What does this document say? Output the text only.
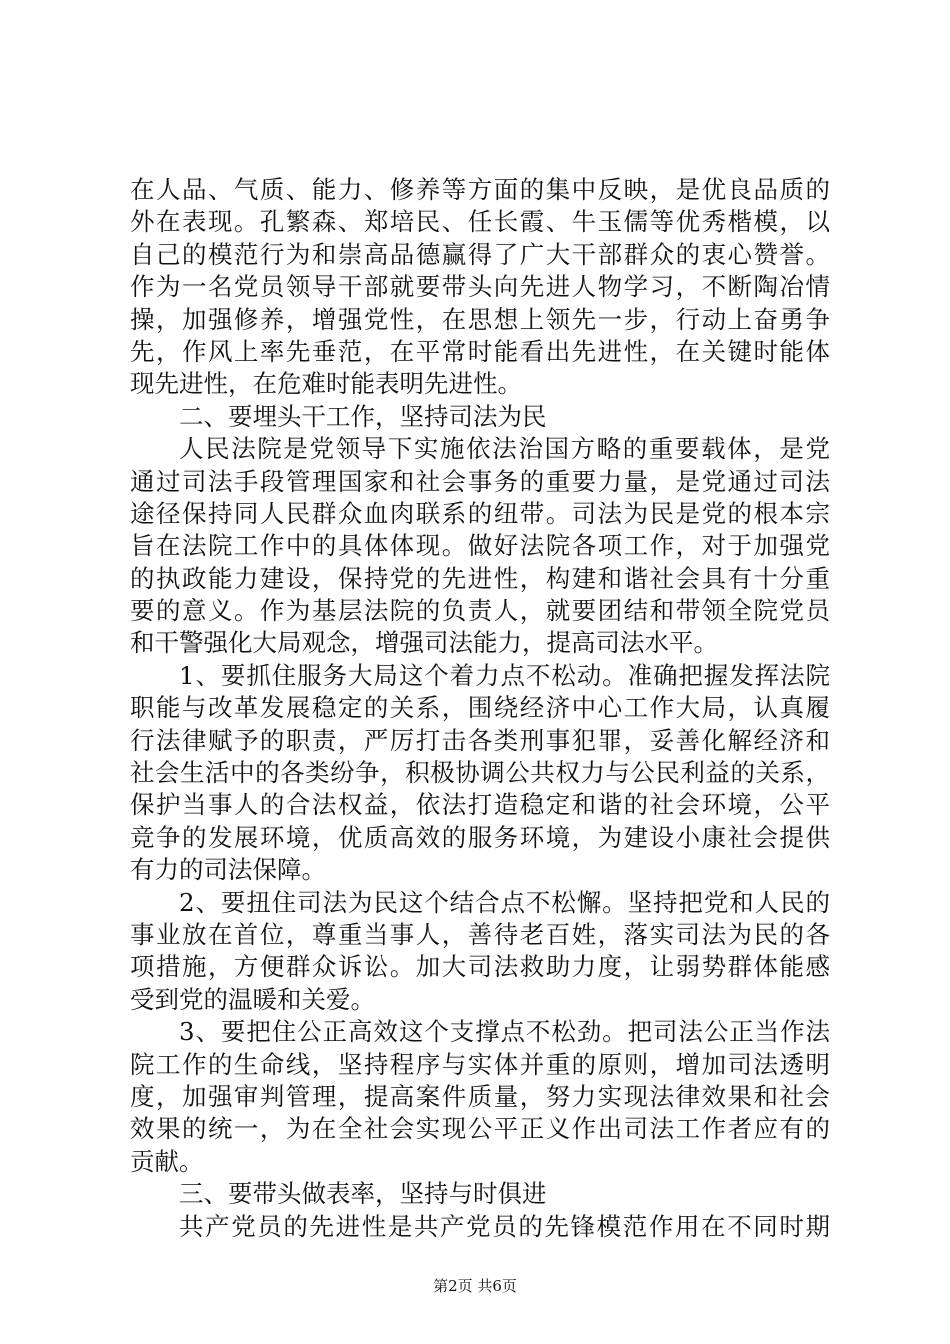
在人品、气质、能力、修养等方面的集中反映，是优良品质的
外在表现。孔繁森、郑培民、任长霞、牛玉儒等优秀楷模，以
自己的模范行为和崇高品德赢得了广大干部群众的衷心赞誉。
作为一名党员领导干部就要带头向先进人物学习，不断陶冶情
操，加强修养，增强党性，在思想上领先一步，行动上奋勇争
先，作风上率先垂范，在平常时能看出先进性，在关键时能体
现先进性，在危难时能表明先进性。
二、要埋头干工作，坚持司法为民
人民法院是党领导下实施依法治国方略的重要载体，是党
通过司法手段管理国家和社会事务的重要力量，是党通过司法
途径保持同人民群众血肉联系的纽带。司法为民是党的根本宗
旨在法院工作中的具体体现。做好法院各项工作，对于加强党
的执政能力建设，保持党的先进性，构建和谐社会具有十分重
要的意义。作为基层法院的负责人，就要团结和带领全院党员
和干警强化大局观念，增强司法能力，提高司法水平。
1、要抓住服务大局这个着力点不松动。准确把握发挥法院
职能与改革发展稳定的关系，围绕经济中心工作大局，认真履
行法律赋予的职责，严厉打击各类刑事犯罪，妥善化解经济和
社会生活中的各类纷争，积极协调公共权力与公民利益的关系，
保护当事人的合法权益，依法打造稳定和谐的社会环境，公平
竞争的发展环境，优质高效的服务环境，为建设小康社会提供
有力的司法保障。
2、要扭住司法为民这个结合点不松懈。坚持把党和人民的
事业放在首位，尊重当事人，善待老百姓，落实司法为民的各
项措施，方便群众诉讼。加大司法救助力度，让弱势群体能感
受到党的温暖和关爱。
3、要把住公正高效这个支撑点不松劲。把司法公正当作法
院工作的生命线，坚持程序与实体并重的原则，增加司法透明
度，加强审判管理，提高案件质量，努力实现法律效果和社会
效果的统一，为在全社会实现公平正义作出司法工作者应有的
贡献。
三、要带头做表率，坚持与时俱进
共产党员的先进性是共产党员的先锋模范作用在不同时期
第2页 共6页
